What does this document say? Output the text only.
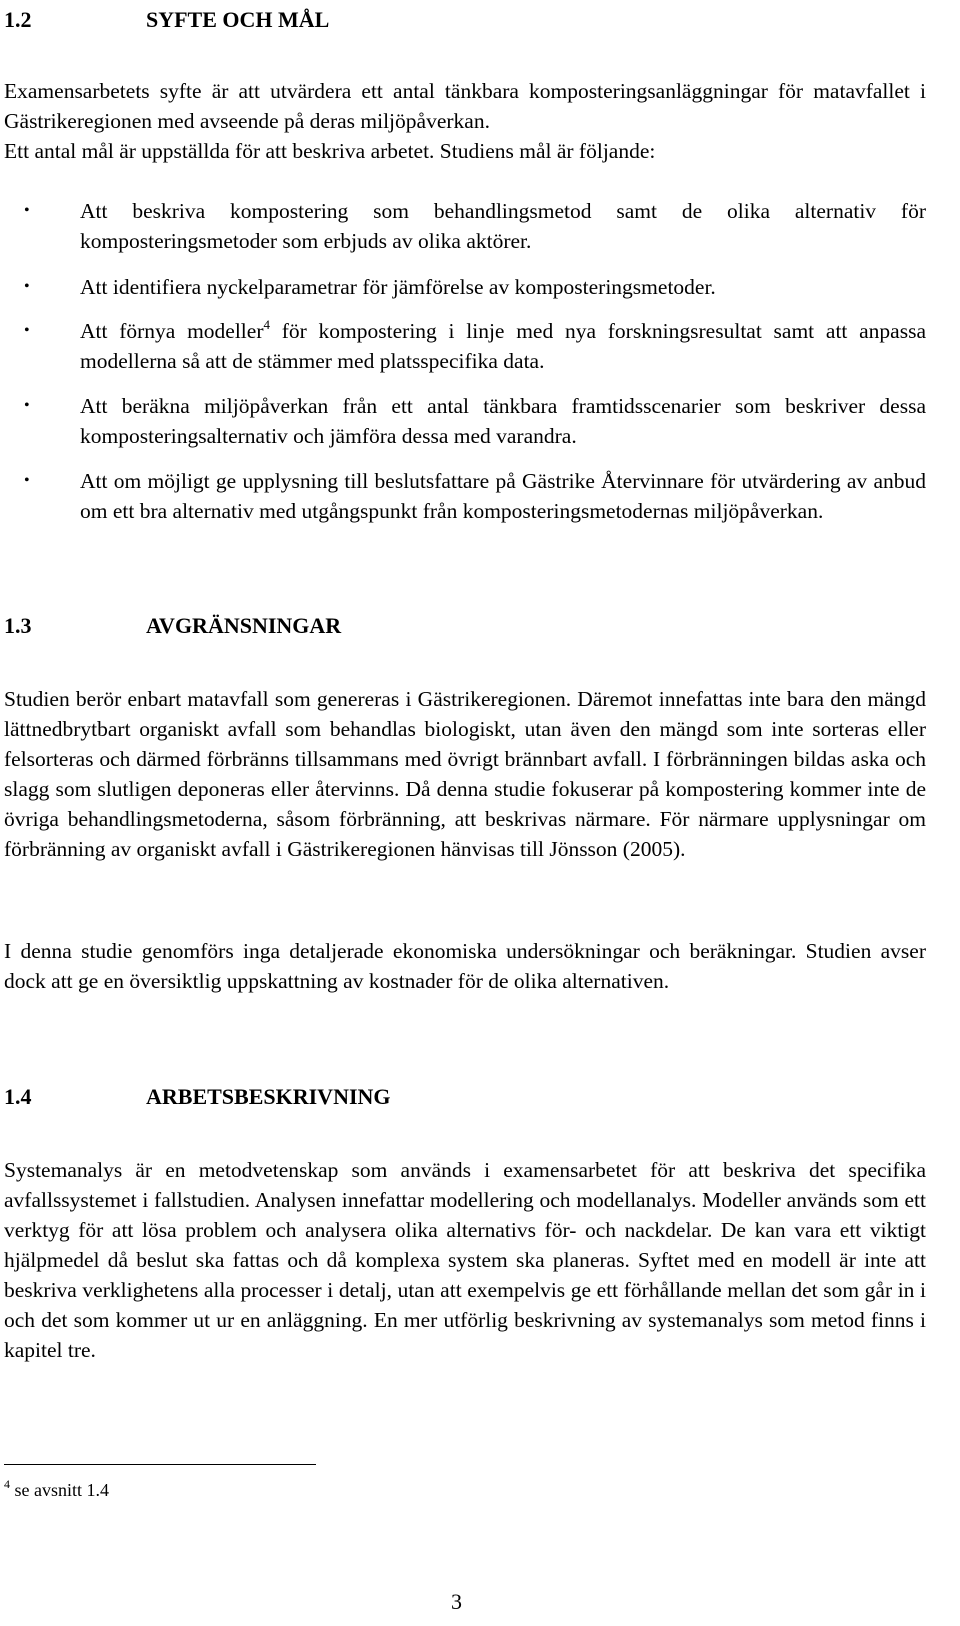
1.2	SYFTE OCH MÅL
Examensarbetets syfte är att utvärdera ett antal tänkbara komposteringsanläggningar för matavfallet i Gästrikeregionen med avseende på deras miljöpåverkan.
Ett antal mål är uppställda för att beskriva arbetet. Studiens mål är följande:
• Att beskriva kompostering som behandlingsmetod samt de olika alternativ för komposteringsmetoder som erbjuds av olika aktörer.
• Att identifiera nyckelparametrar för jämförelse av komposteringsmetoder.
• Att förnya modeller$^4$ för kompostering i linje med nya forskningsresultat samt att anpassa modellerna så att de stämmer med platsspecifika data.
• Att beräkna miljöpåverkan från ett antal tänkbara framtidsscenarier som beskriver dessa komposteringsalternativ och jämföra dessa med varandra.
• Att om möjligt ge upplysning till beslutsfattare på Gästrike Återvinnare för utvärdering av anbud om ett bra alternativ med utgångspunkt från komposteringsmetodernas miljöpåverkan.
1.3	AVGRÄNSNINGAR
Studien berör enbart matavfall som genereras i Gästrikeregionen. Däremot innefattas inte bara den mängd lättnedbrytbart organiskt avfall som behandlas biologiskt, utan även den mängd som inte sorteras eller felsorteras och därmed förbränns tillsammans med övrigt brännbart avfall. I förbränningen bildas aska och slagg som slutligen deponeras eller återvinns. Då denna studie fokuserar på kompostering kommer inte de övriga behandlingsmetoderna, såsom förbränning, att beskrivas närmare. För närmare upplysningar om förbränning av organiskt avfall i Gästrikeregionen hänvisas till Jönsson (2005).
I denna studie genomförs inga detaljerade ekonomiska undersökningar och beräkningar. Studien avser dock att ge en översiktlig uppskattning av kostnader för de olika alternativen.
1.4	ARBETSBESKRIVNING
Systemanalys är en metodvetenskap som används i examensarbetet för att beskriva det specifika avfallssystemet i fallstudien. Analysen innefattar modellering och modellanalys. Modeller används som ett verktyg för att lösa problem och analysera olika alternativs för- och nackdelar. De kan vara ett viktigt hjälpmedel då beslut ska fattas och då komplexa system ska planeras. Syftet med en modell är inte att beskriva verklighetens alla processer i detalj, utan att exempelvis ge ett förhållande mellan det som går in i och det som kommer ut ur en anläggning. En mer utförlig beskrivning av systemanalys som metod finns i kapitel tre.
$^4$ se avsnitt 1.4
3
